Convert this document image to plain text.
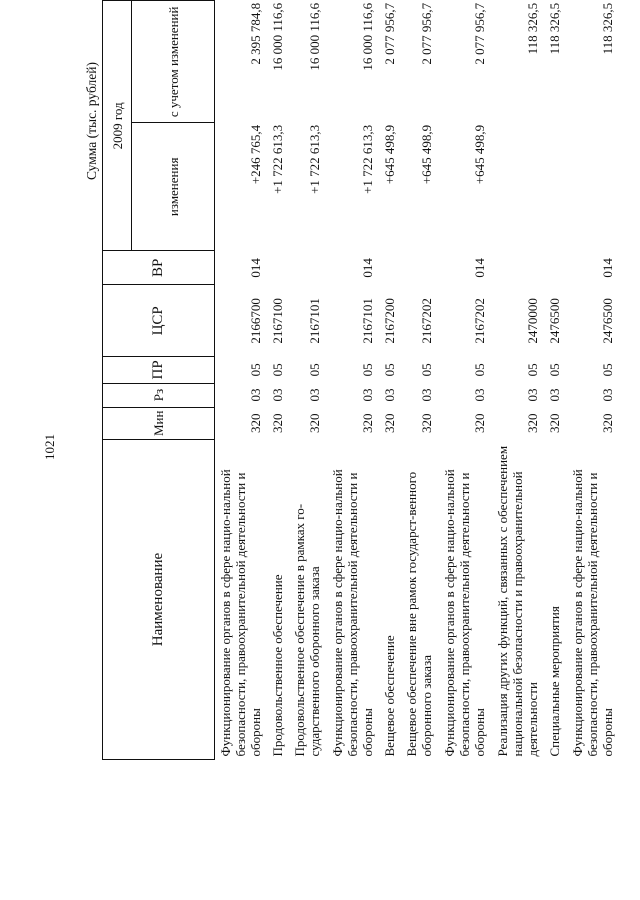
1021
Сумма (тыс. рублей)
Наименование	Мин	Рз	ПР	ЦСР	ВР	2009 год	
						изменения	с учетом изменений
Функционирование органов в сфере нацио-нальной безопасности, правоохранительной деятельности и обороны	320	03	05	2166700	014	+246 765,4	2 395 784,8
Продовольственное обеспечение	320	03	05	2167100		+1 722 613,3	16 000 116,6
Продовольственное обеспечение в рамках го-сударственного оборонного заказа	320	03	05	2167101		+1 722 613,3	16 000 116,6
Функционирование органов в сфере нацио-нальной безопасности, правоохранительной деятельности и обороны	320	03	05	2167101	014	+1 722 613,3	16 000 116,6
Вещевое обеспечение	320	03	05	2167200		+645 498,9	2 077 956,7
Вещевое обеспечение вне рамок государст-венного оборонного заказа	320	03	05	2167202		+645 498,9	2 077 956,7
Функционирование органов в сфере нацио-нальной безопасности, правоохранительной деятельности и обороны	320	03	05	2167202	014	+645 498,9	2 077 956,7
Реализация других функций, связанных с обеспечением национальной безопасности и правоохранительной деятельности	320	03	05	2470000			118 326,5
Специальные мероприятия	320	03	05	2476500			118 326,5
Функционирование органов в сфере нацио-нальной безопасности, правоохранительной деятельности и обороны	320	03	05	2476500	014		118 326,5
